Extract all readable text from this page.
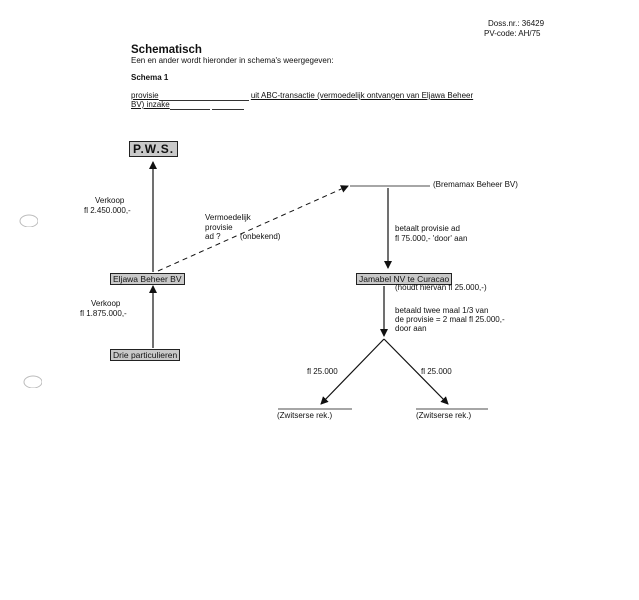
Doss.nr.: 36429
PV-code: AH/75
Schematisch
Een en ander wordt hieronder in schema's weergegeven:
Schema 1
provisie	uit ABC-transactie (vermoedelijk ontvangen van Eljawa Beheer
BV) inzake
P.W.S.
Eljawa Beheer BV
Drie particulieren
(Bremamax Beheer BV)
Jamabel NV te Curacao
(houdt hiervan fl 25.000,-)
(Zwitserse rek.)	(Zwitserse rek.)
Verkoop
fl 2.450.000,-
Verkoop
fl 1.875.000,-
Vermoedelijk
provisie
ad ? (onbekend)
betaalt provisie ad
fl 75.000,- 'door' aan
betaald twee maal 1/3 van
de provisie = 2 maal fl 25.000,-
door aan
fl 25.000	fl 25.000
